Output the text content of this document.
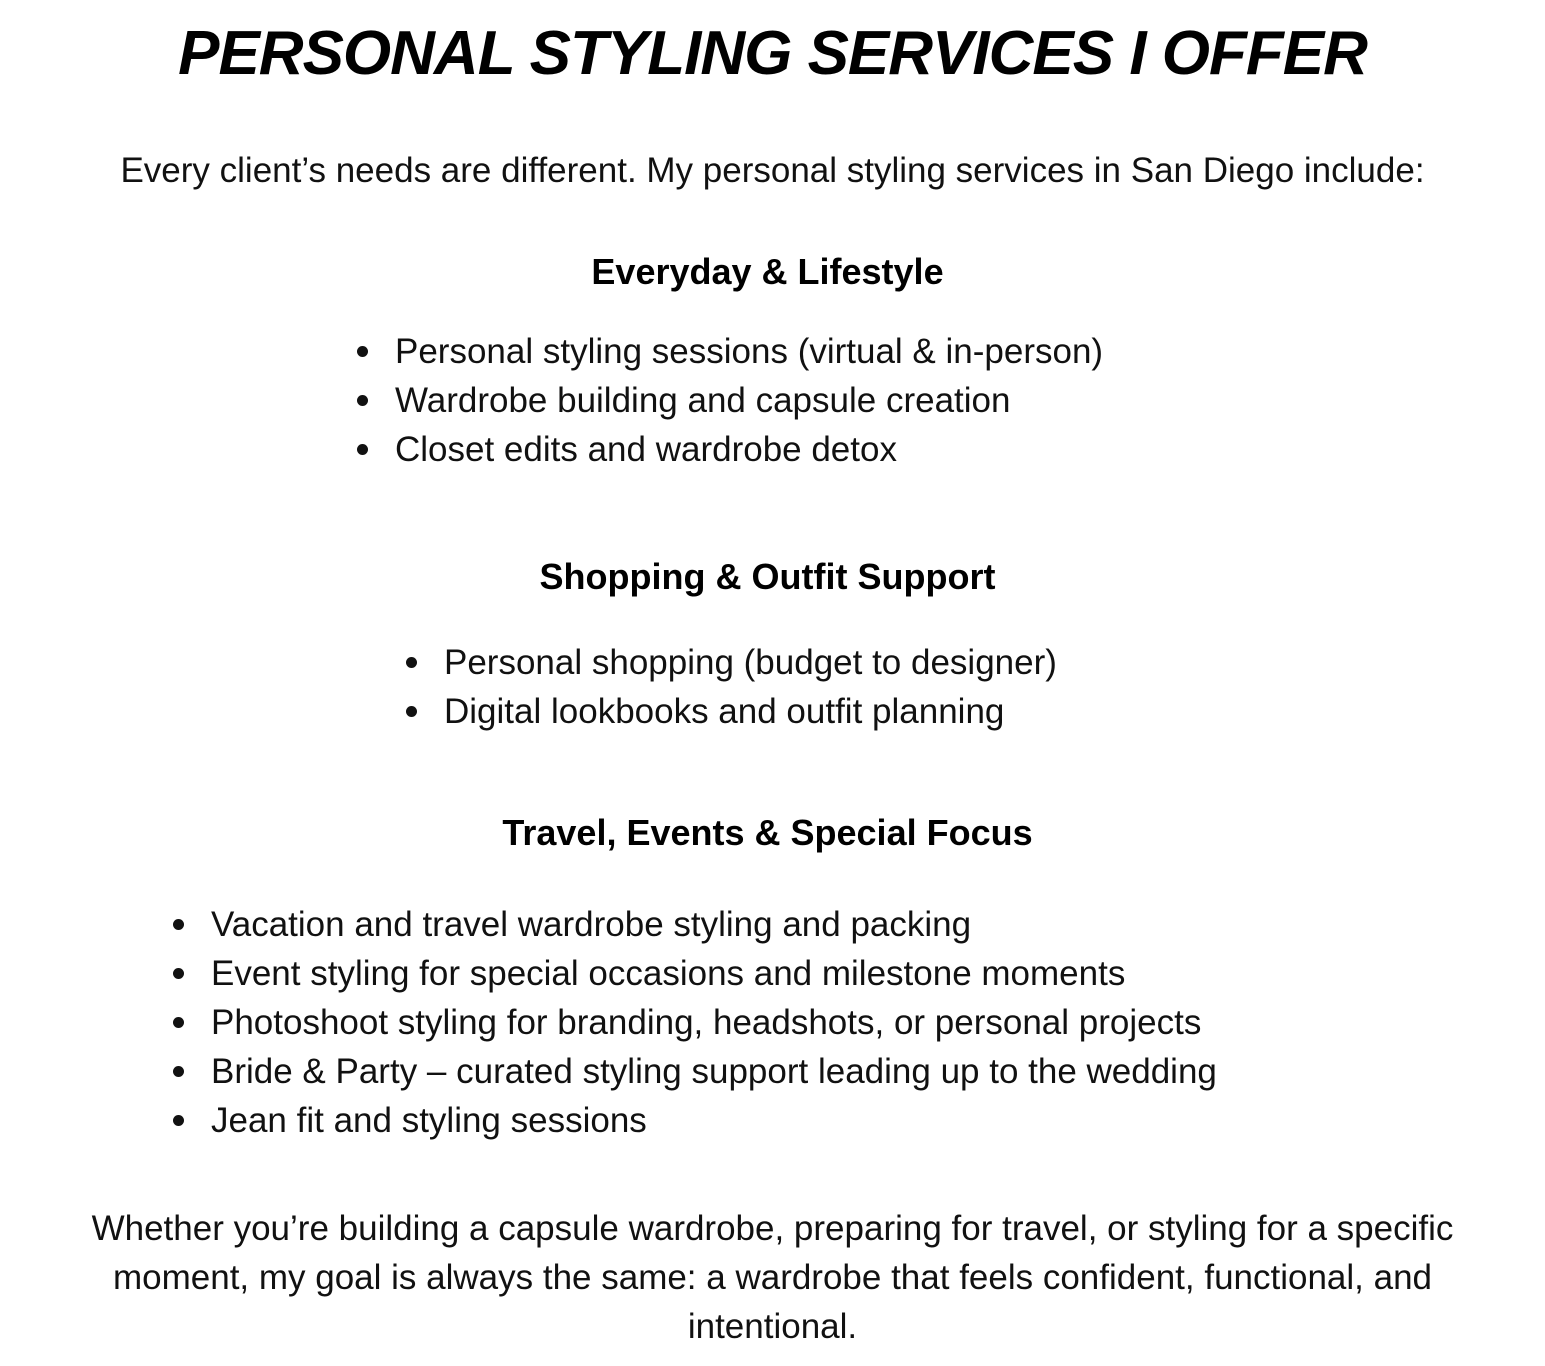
PERSONAL STYLING SERVICES I OFFER

Every client’s needs are different. My personal styling services in San Diego include:

Everyday & Lifestyle
Personal styling sessions (virtual & in-person)
Wardrobe building and capsule creation
Closet edits and wardrobe detox
Shopping & Outfit Support
Personal shopping (budget to designer)
Digital lookbooks and outfit planning
Travel, Events & Special Focus
Vacation and travel wardrobe styling and packing
Event styling for special occasions and milestone moments
Photoshoot styling for branding, headshots, or personal projects
Bride & Party – curated styling support leading up to the wedding
Jean fit and styling sessions

Whether you’re building a capsule wardrobe, preparing for travel, or styling for a specific moment, my goal is always the same: a wardrobe that feels confident, functional, and intentional.
